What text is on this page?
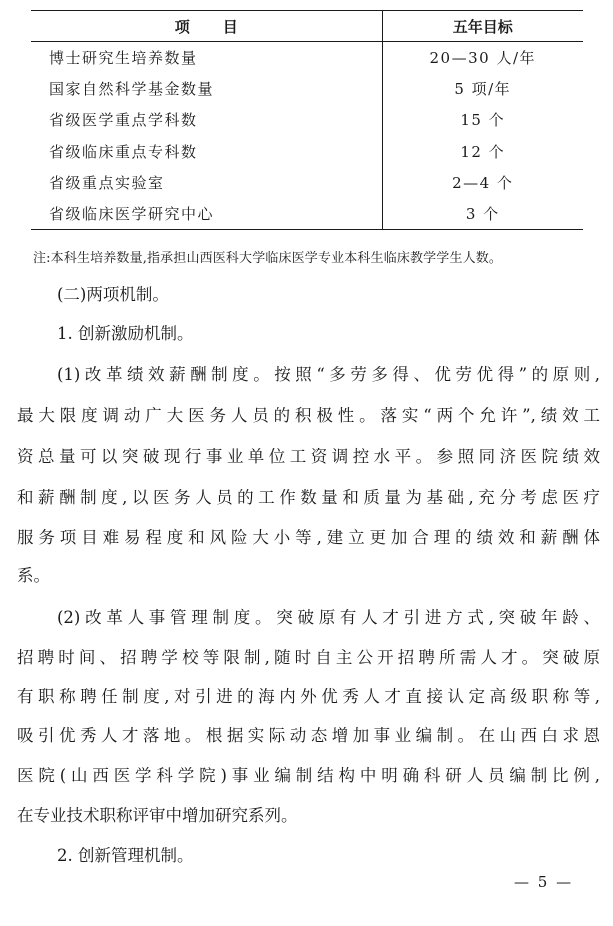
项目	五年目标
博士研究生培养数量	20—30 人/年
国家自然科学基金数量	5 项/年
省级医学重点学科数	15 个
省级临床重点专科数	12 个
省级重点实验室	2—4 个
省级临床医学研究中心	3 个
注:本科生培养数量,指承担山西医科大学临床医学专业本科生临床教学学生人数。
(二)两项机制。
1. 创新激励机制。
(1)改革绩效薪酬制度。按照“多劳多得、优劳优得”的原则,
最大限度调动广大医务人员的积极性。落实“两个允许”,绩效工
资总量可以突破现行事业单位工资调控水平。参照同济医院绩效
和薪酬制度,以医务人员的工作数量和质量为基础,充分考虑医疗
服务项目难易程度和风险大小等,建立更加合理的绩效和薪酬体
系。
(2)改革人事管理制度。突破原有人才引进方式,突破年龄、
招聘时间、招聘学校等限制,随时自主公开招聘所需人才。突破原
有职称聘任制度,对引进的海内外优秀人才直接认定高级职称等,
吸引优秀人才落地。根据实际动态增加事业编制。在山西白求恩
医院(山西医学科学院)事业编制结构中明确科研人员编制比例,
在专业技术职称评审中增加研究系列。
2. 创新管理机制。
— 5 —
